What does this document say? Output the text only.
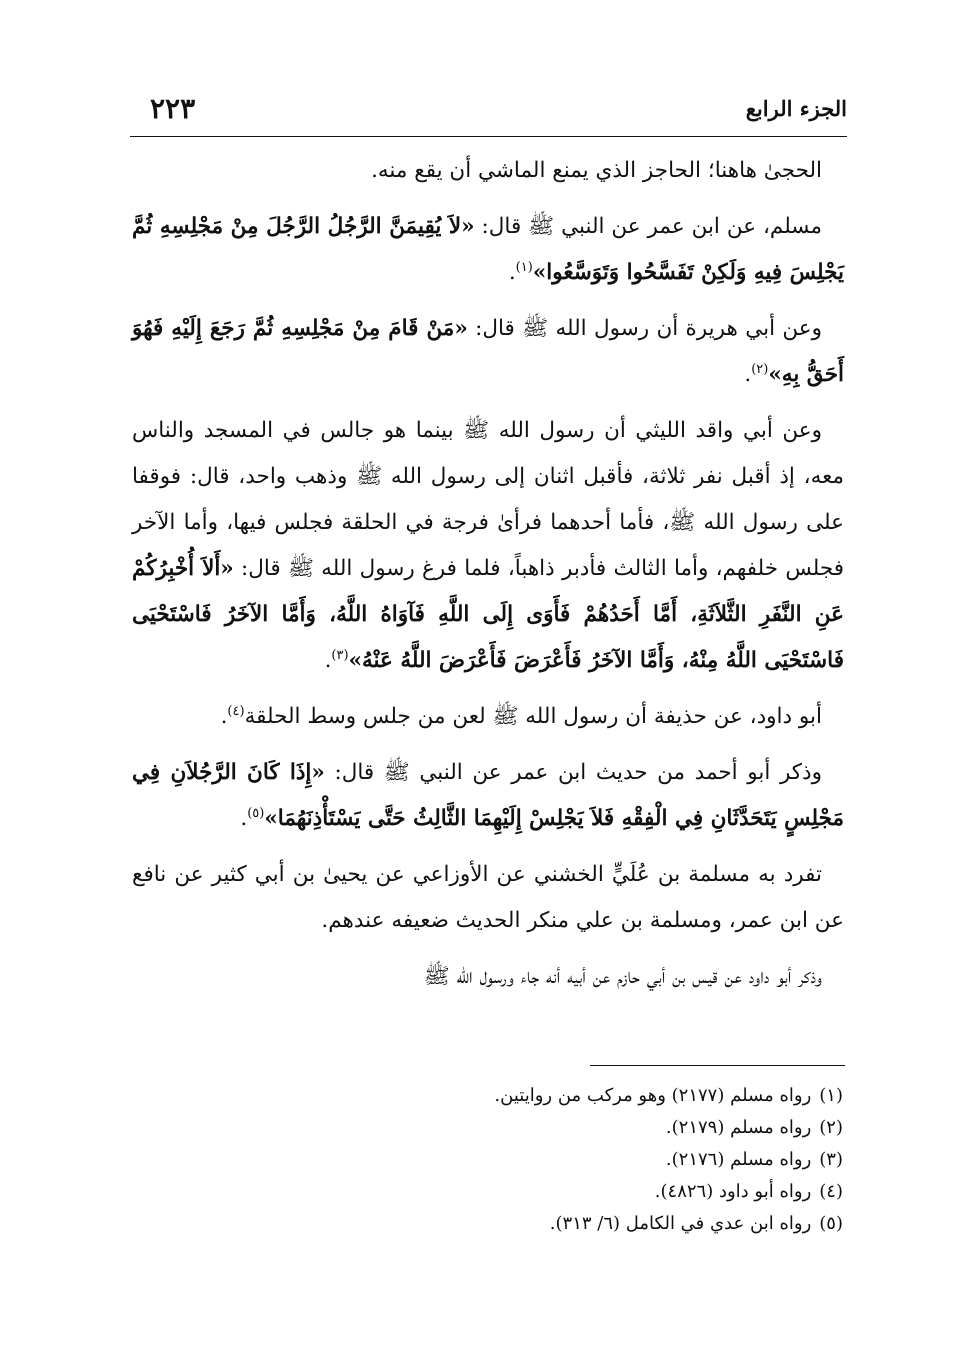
الجزء الرابع
٢٢٣

الحجىٰ هاهنا؛ الحاجز الذي يمنع الماشي أن يقع منه.

مسلم، عن ابن عمر عن النبي ﷺ قال: «لاَ يُقِيمَنَّ الرَّجُلُ الرَّجُلَ مِنْ مَجْلِسِهِ ثُمَّ يَجْلِسَ فِيهِ وَلَكِنْ تَفَسَّحُوا وَتَوَسَّعُوا»$^{(١)}$.

وعن أبي هريرة أن رسول الله ﷺ قال: «مَنْ قَامَ مِنْ مَجْلِسِهِ ثُمَّ رَجَعَ إِلَيْهِ فَهُوَ أَحَقُّ بِهِ»$^{(٢)}$.

وعن أبي واقد الليثي أن رسول الله ﷺ بينما هو جالس في المسجد والناس معه، إذ أقبل نفر ثلاثة، فأقبل اثنان إلى رسول الله ﷺ وذهب واحد، قال: فوقفا على رسول الله ﷺ، فأما أحدهما فرأىٰ فرجة في الحلقة فجلس فيها، وأما الآخر فجلس خلفهم، وأما الثالث فأدبر ذاهباً، فلما فرغ رسول الله ﷺ قال: «أَلاَ أُخْبِرُكُمْ عَنِ النَّفَرِ الثَّلاَثَةِ، أَمَّا أَحَدُهُمْ فَأَوَى إِلَى اللَّهِ فَآوَاهُ اللَّهُ، وَأَمَّا الآخَرُ فَاسْتَحْيَى فَاسْتَحْيَى اللَّهُ مِنْهُ، وَأَمَّا الآخَرُ فَأَعْرَضَ فَأَعْرَضَ اللَّهُ عَنْهُ»$^{(٣)}$.

أبو داود، عن حذيفة أن رسول الله ﷺ لعن من جلس وسط الحلقة$^{(٤)}$.

وذكر أبو أحمد من حديث ابن عمر عن النبي ﷺ قال: «إِذَا كَانَ الرَّجُلاَنِ فِي مَجْلِسٍ يَتَحَدَّثَانِ فِي الْفِقْهِ فَلاَ يَجْلِسْ إِلَيْهِمَا الثَّالِثُ حَتَّى يَسْتَأْذِنَهُمَا»$^{(٥)}$.

تفرد به مسلمة بن عُلَيٍّ الخشني عن الأوزاعي عن يحيىٰ بن أبي كثير عن نافع عن ابن عمر، ومسلمة بن علي منكر الحديث ضعيفه عندهم.

وذكر أبو داود عن قيس بن أبي حازم عن أبيه أنه جاء ورسول الله ﷺ

(١)رواه مسلم (٢١٧٧) وهو مركب من روايتين.

(٢)رواه مسلم (٢١٧٩).

(٣)رواه مسلم (٢١٧٦).

(٤)رواه أبو داود (٤٨٢٦).

(٥)رواه ابن عدي في الكامل (٦/ ٣١٣).
